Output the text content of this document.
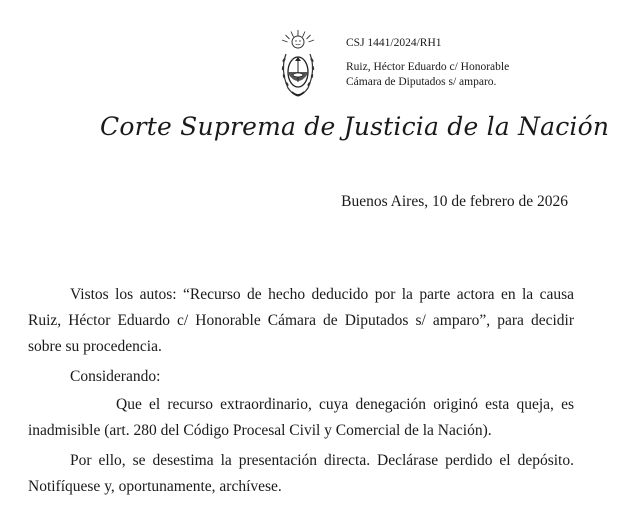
CSJ 1441/2024/RH1
Ruiz, Héctor Eduardo c/ Honorable
Cámara de Diputados s/ amparo.
Corte Suprema de Justicia de la Nación
Buenos Aires, 10 de febrero de 2026

Vistos los autos: “Recurso de hecho deducido por la parte actora en la causa Ruiz, Héctor Eduardo c/ Honorable Cámara de Diputados s/ amparo”, para decidir sobre su procedencia.

Considerando:

Que el recurso extraordinario, cuya denegación originó esta queja, es inadmisible (art. 280 del Código Procesal Civil y Comercial de la Nación).

Por ello, se desestima la presentación directa. Declárase perdido el depósito. Notifíquese y, oportunamente, archívese.
